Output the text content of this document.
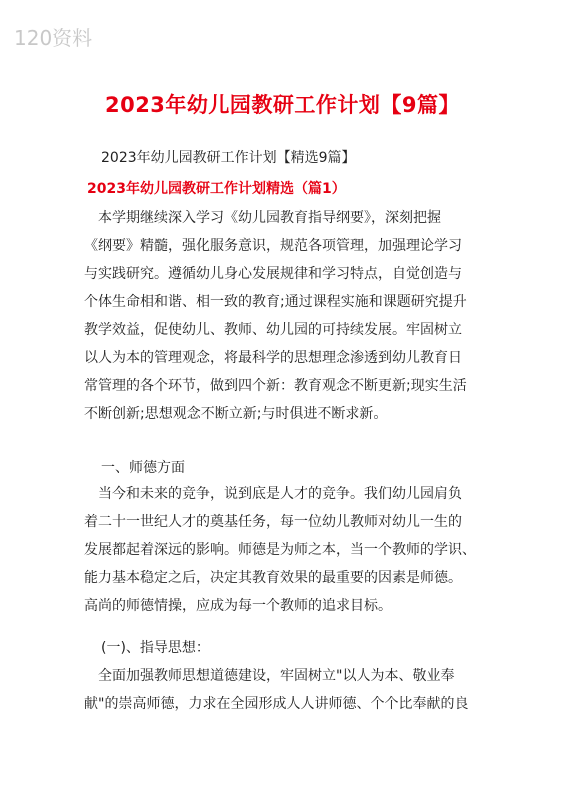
120资料
2023年幼儿园教研工作计划【9篇】
2023年幼儿园教研工作计划【精选9篇】
2023年幼儿园教研工作计划精选（篇1）
　本学期继续深入学习《幼儿园教育指导纲要》，深刻把握
《纲要》精髓，强化服务意识，规范各项管理，加强理论学习
与实践研究。遵循幼儿身心发展规律和学习特点，自觉创造与
个体生命相和谐、相一致的教育;通过课程实施和课题研究提升
教学效益，促使幼儿、教师、幼儿园的可持续发展。牢固树立
以人为本的管理观念，将最科学的思想理念渗透到幼儿教育日
常管理的各个环节，做到四个新：教育观念不断更新;现实生活
不断创新;思想观念不断立新;与时俱进不断求新。
一、师德方面
　当今和未来的竞争，说到底是人才的竞争。我们幼儿园肩负
着二十一世纪人才的奠基任务，每一位幼儿教师对幼儿一生的
发展都起着深远的影响。师德是为师之本，当一个教师的学识、
能力基本稳定之后，决定其教育效果的最重要的因素是师德。
高尚的师德情操，应成为每一个教师的追求目标。
(一)、指导思想：
　全面加强教师思想道德建设，牢固树立"以人为本、敬业奉
献"的崇高师德，力求在全园形成人人讲师德、个个比奉献的良
